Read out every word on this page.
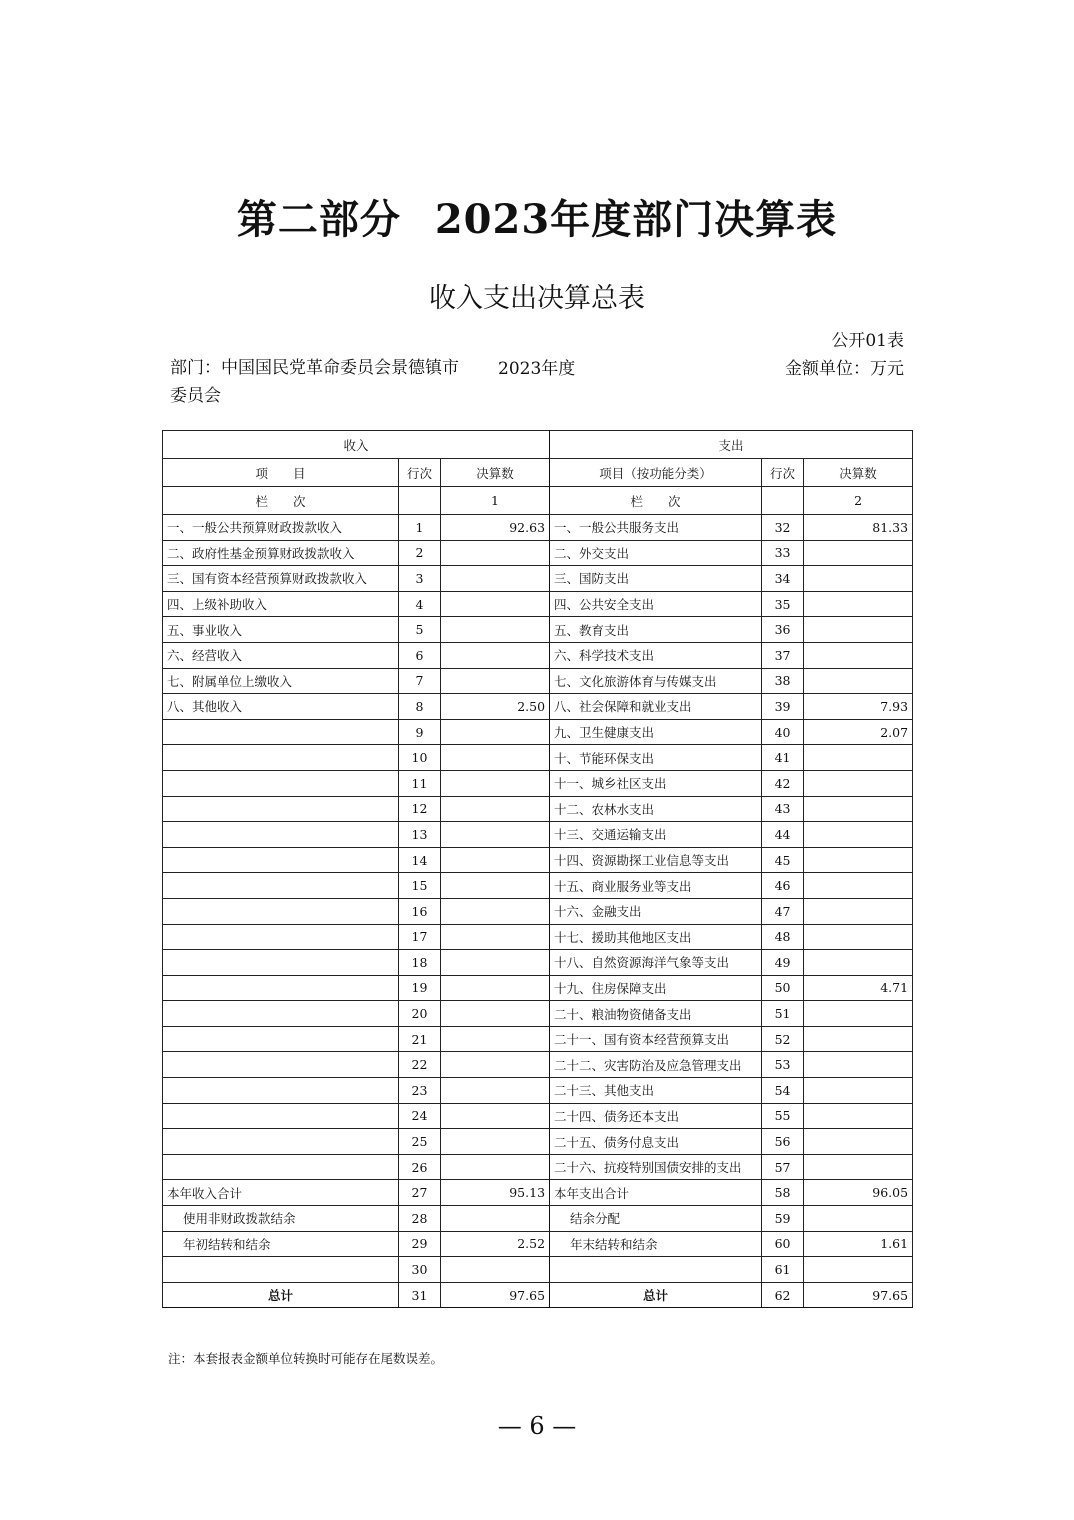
第二部分 2023年度部门决算表
收入支出决算总表
公开01表
部门：中国国民党革命委员会景德镇市委员会
2023年度	金额单位：万元
收入			支出		
项　　目	行次	决算数	项目（按功能分类）	行次	决算数
栏　　次		1	栏　　次		2
一、一般公共预算财政拨款收入	1	92.63	一、一般公共服务支出	32	81.33
二、政府性基金预算财政拨款收入	2		二、外交支出	33	
三、国有资本经营预算财政拨款收入	3		三、国防支出	34	
四、上级补助收入	4		四、公共安全支出	35	
五、事业收入	5		五、教育支出	36	
六、经营收入	6		六、科学技术支出	37	
七、附属单位上缴收入	7		七、文化旅游体育与传媒支出	38	
八、其他收入	8	2.50	八、社会保障和就业支出	39	7.93
	9		九、卫生健康支出	40	2.07
	10		十、节能环保支出	41	
	11		十一、城乡社区支出	42	
	12		十二、农林水支出	43	
	13		十三、交通运输支出	44	
	14		十四、资源勘探工业信息等支出	45	
	15		十五、商业服务业等支出	46	
	16		十六、金融支出	47	
	17		十七、援助其他地区支出	48	
	18		十八、自然资源海洋气象等支出	49	
	19		十九、住房保障支出	50	4.71
	20		二十、粮油物资储备支出	51	
	21		二十一、国有资本经营预算支出	52	
	22		二十二、灾害防治及应急管理支出	53	
	23		二十三、其他支出	54	
	24		二十四、债务还本支出	55	
	25		二十五、债务付息支出	56	
	26		二十六、抗疫特别国债安排的支出	57	
本年收入合计	27	95.13	本年支出合计	58	96.05
使用非财政拨款结余	28		结余分配	59	
年初结转和结余	29	2.52	年末结转和结余	60	1.61
	30			61	
总计	31	97.65	总计	62	97.65
注：本套报表金额单位转换时可能存在尾数误差。
— 6 —
